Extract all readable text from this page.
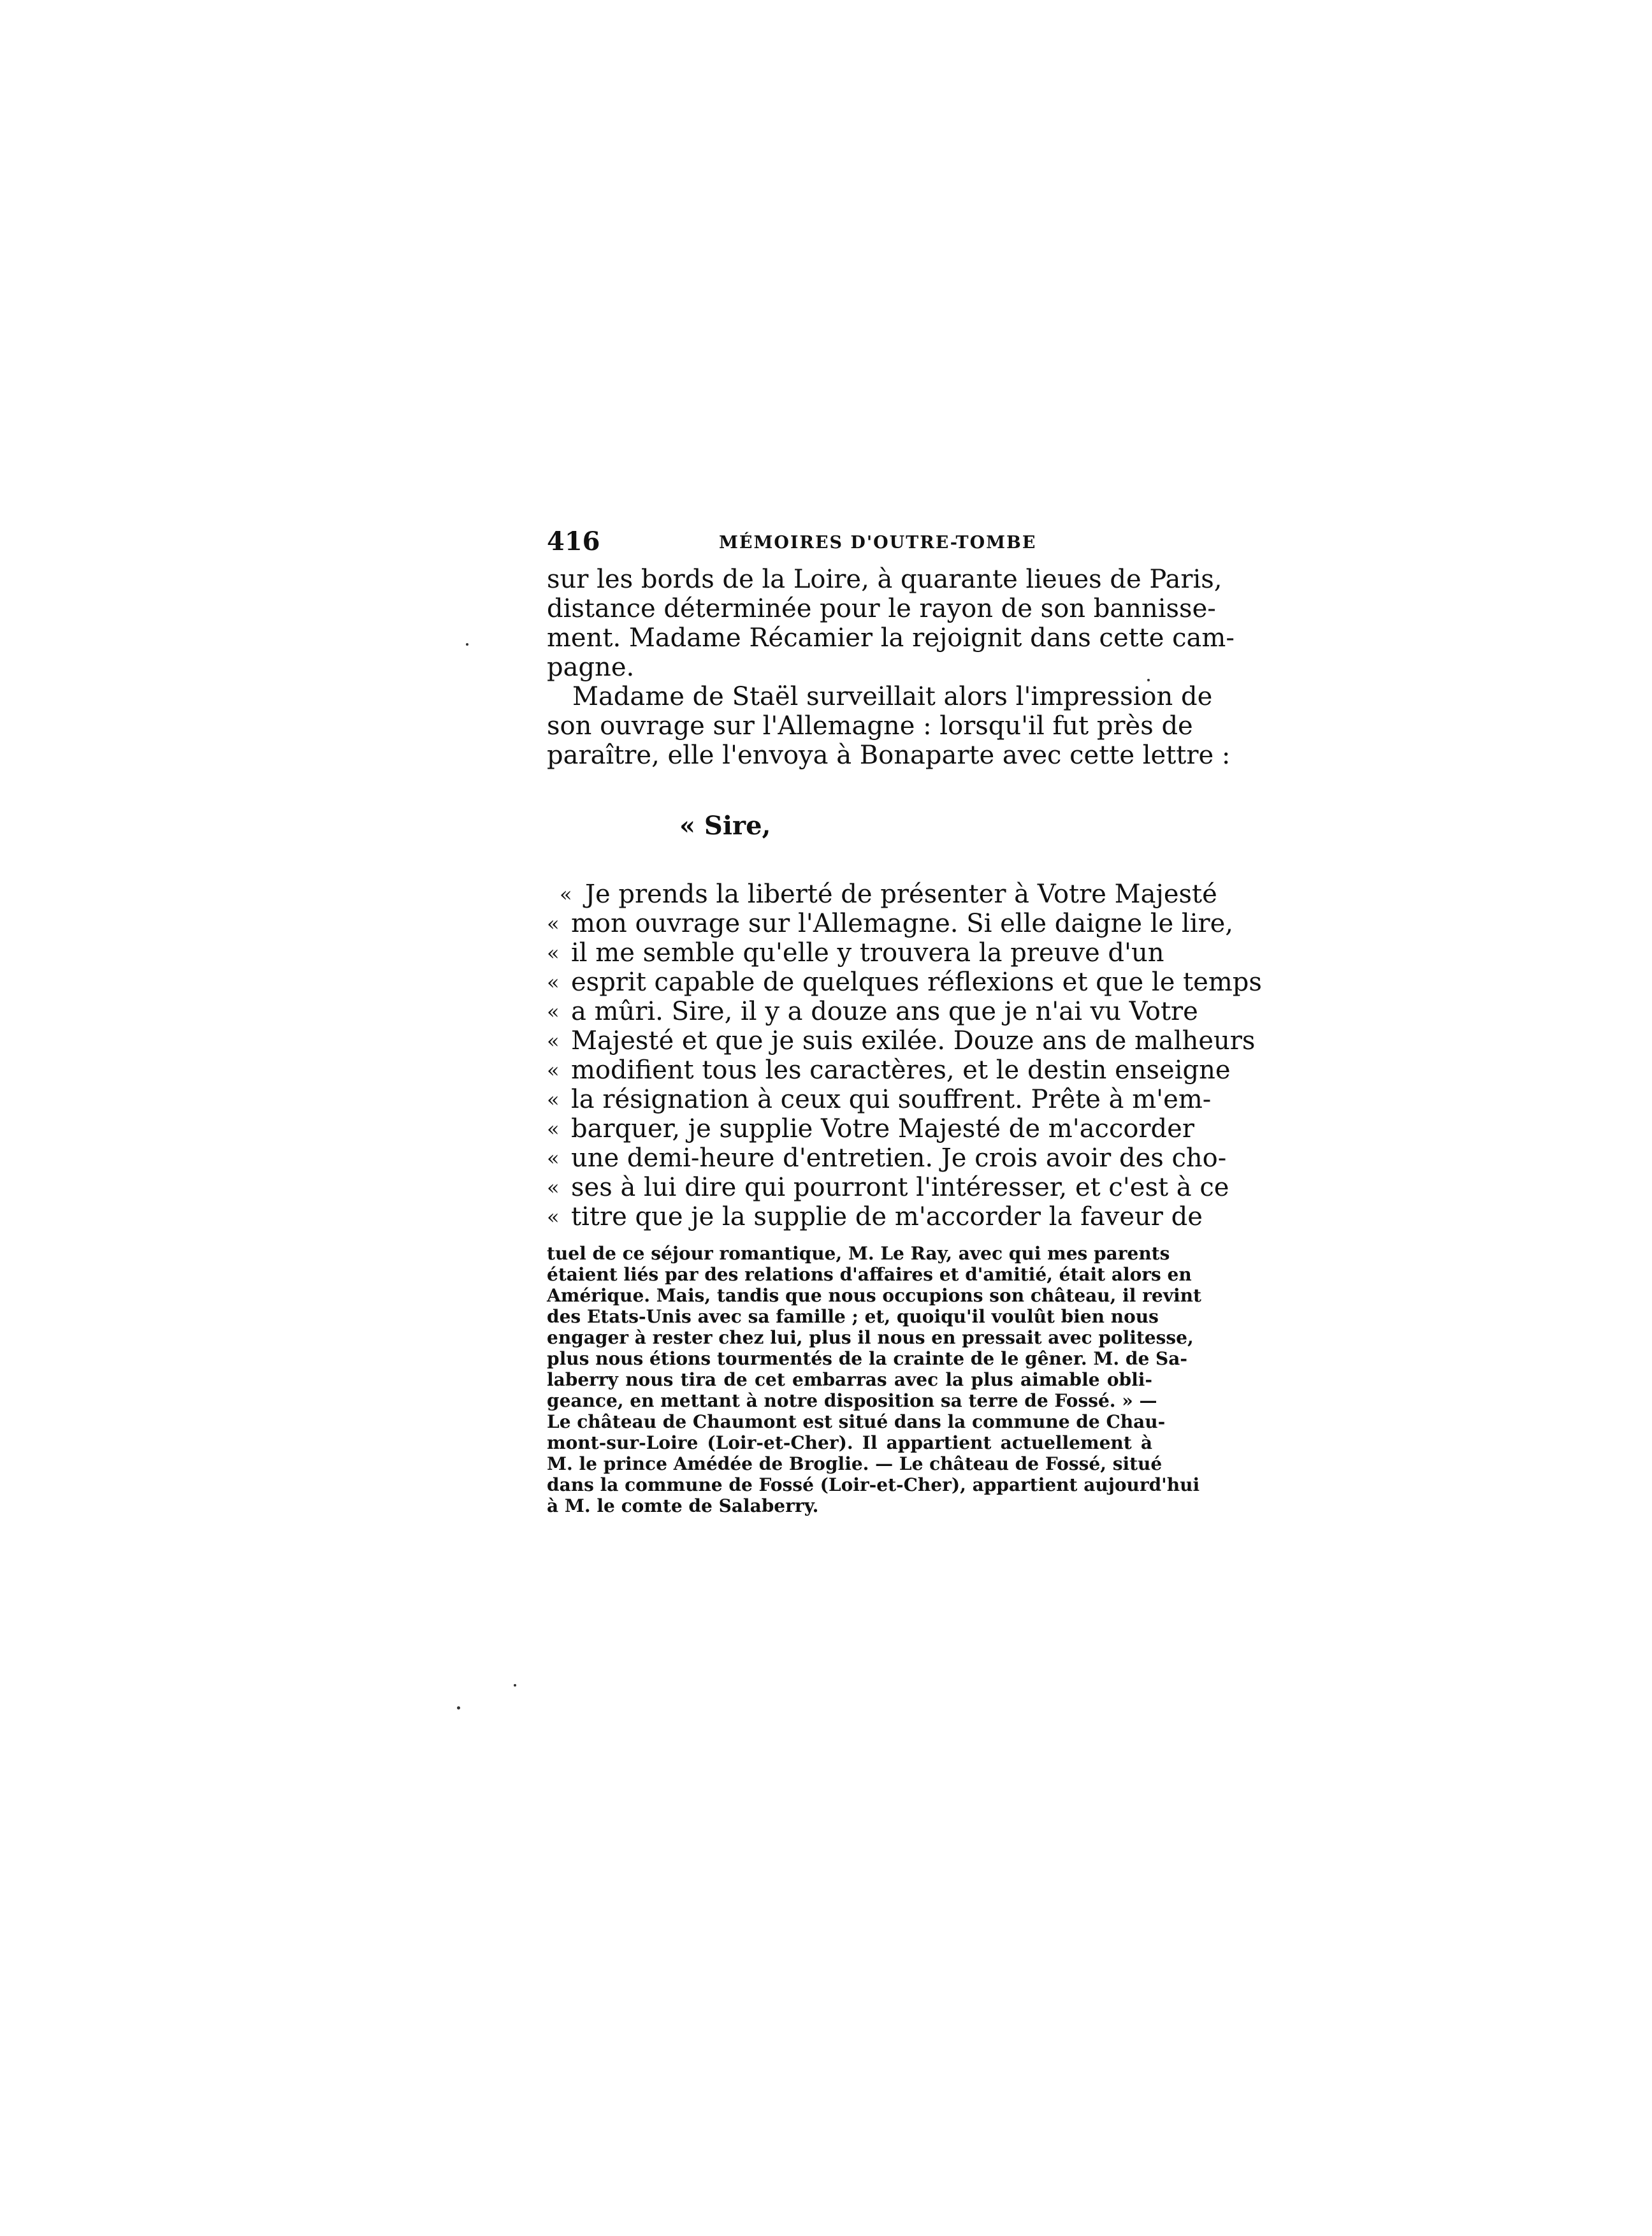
416	MÉMOIRES D'OUTRE-TOMBE
sur les bords de la Loire, à quarante lieues de Paris,
distance déterminée pour le rayon de son bannisse-
ment. Madame Récamier la rejoignit dans cette cam-
pagne.
Madame de Staël surveillait alors l'impression de
son ouvrage sur l'Allemagne : lorsqu'il fut près de
paraître, elle l'envoya à Bonaparte avec cette lettre :
« Sire,
« Je prends la liberté de présenter à Votre Majesté
« mon ouvrage sur l'Allemagne. Si elle daigne le lire,
« il me semble qu'elle y trouvera la preuve d'un
« esprit capable de quelques réflexions et que le temps
« a mûri. Sire, il y a douze ans que je n'ai vu Votre
« Majesté et que je suis exilée. Douze ans de malheurs
« modifient tous les caractères, et le destin enseigne
« la résignation à ceux qui souffrent. Prête à m'em-
« barquer, je supplie Votre Majesté de m'accorder
« une demi-heure d'entretien. Je crois avoir des cho-
« ses à lui dire qui pourront l'intéresser, et c'est à ce
« titre que je la supplie de m'accorder la faveur de
tuel de ce séjour romantique, M. Le Ray, avec qui mes parents
étaient liés par des relations d'affaires et d'amitié, était alors en
Amérique. Mais, tandis que nous occupions son château, il revint
des Etats-Unis avec sa famille ; et, quoiqu'il voulût bien nous
engager à rester chez lui, plus il nous en pressait avec politesse,
plus nous étions tourmentés de la crainte de le gêner. M. de Sa-
laberry nous tira de cet embarras avec la plus aimable obli-
geance, en mettant à notre disposition sa terre de Fossé. » —
Le château de Chaumont est situé dans la commune de Chau-
mont-sur-Loire (Loir-et-Cher). Il appartient actuellement à
M. le prince Amédée de Broglie. — Le château de Fossé, situé
dans la commune de Fossé (Loir-et-Cher), appartient aujourd'hui
à M. le comte de Salaberry.
